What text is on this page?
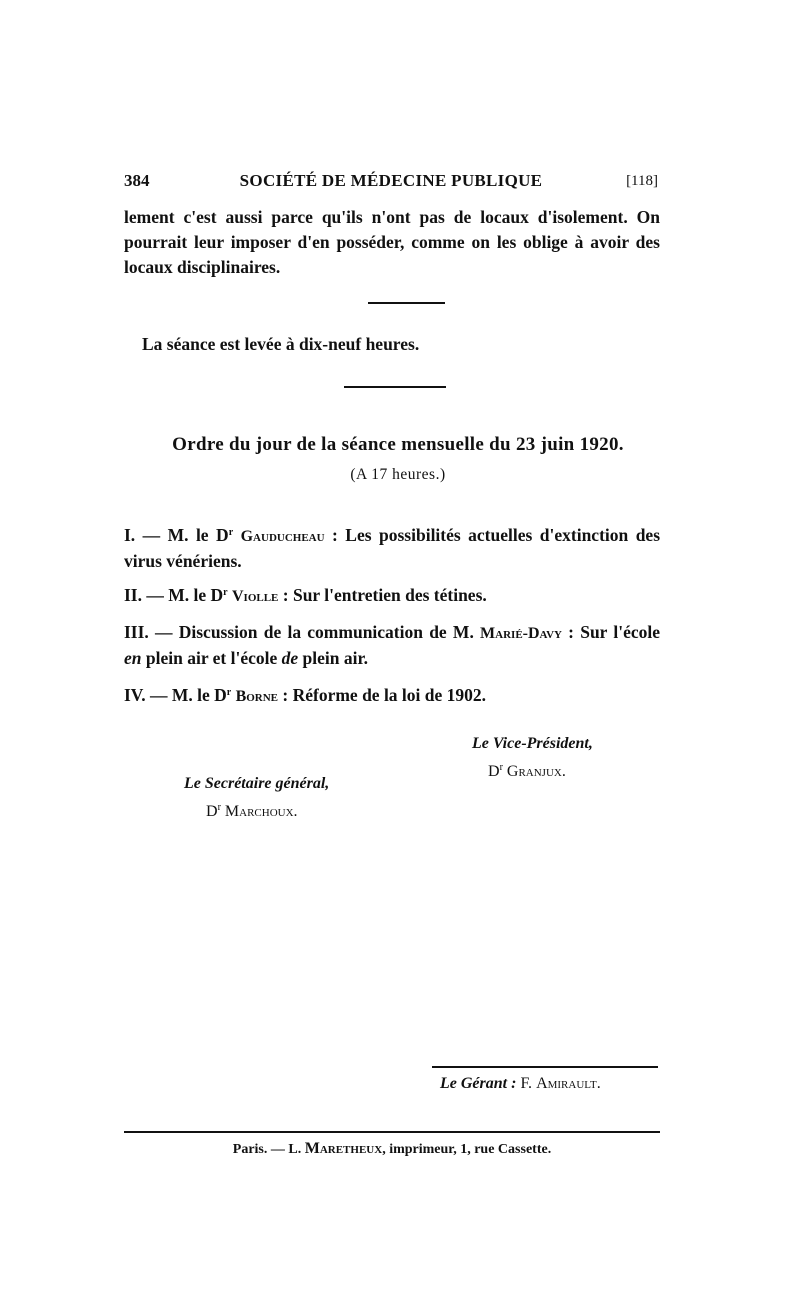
384	SOCIÉTÉ DE MÉDECINE PUBLIQUE	[118]
lement c'est aussi parce qu'ils n'ont pas de locaux d'isolement. On pourrait leur imposer d'en posséder, comme on les oblige à avoir des locaux disciplinaires.
La séance est levée à dix-neuf heures.
Ordre du jour de la séance mensuelle du 23 juin 1920.
(A 17 heures.)
I. — M. le $D^r$ Gauducheau : Les possibilités actuelles d'extinction des virus vénériens.
II. — M. le $D^r$ Violle : Sur l'entretien des tétines.
III. — Discussion de la communication de M. Marié-Davy : Sur l'école en plein air et l'école de plein air.
IV. — M. le $D^r$ Borne : Réforme de la loi de 1902.
Le Vice-Président,
$D^r$ Granjux.
Le Secrétaire général,
$D^r$ Marchoux.
Le Gérant : F. Amirault.
Paris. — L. Maretheux, imprimeur, 1, rue Cassette.
